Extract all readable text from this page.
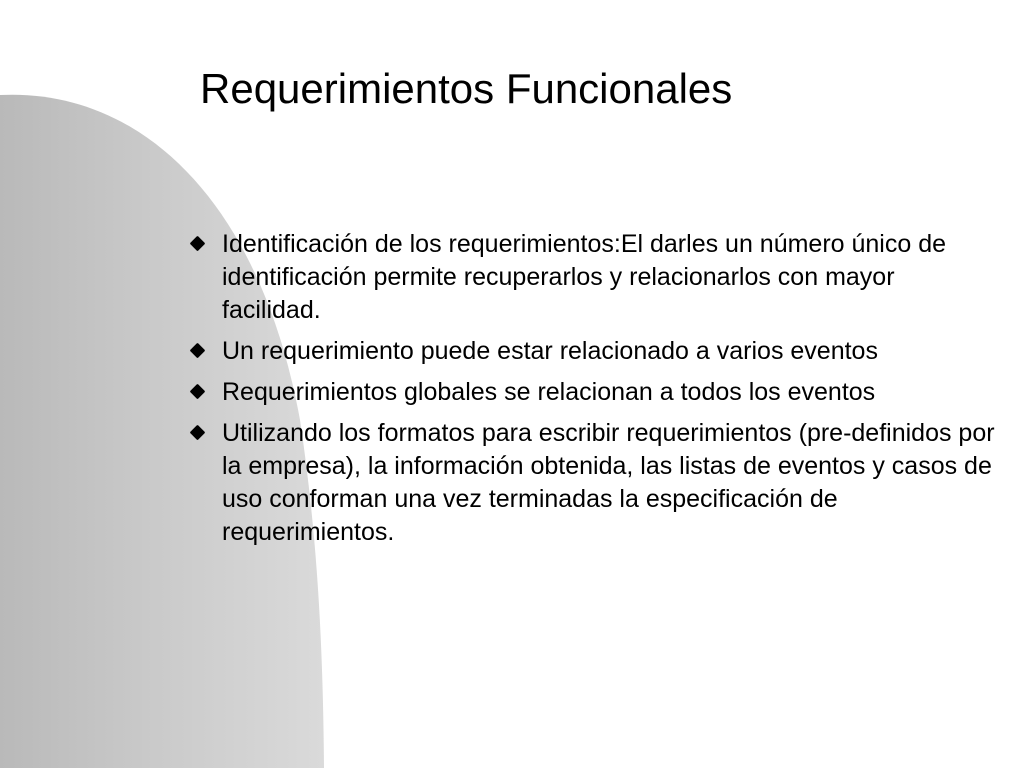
Requerimientos Funcionales
Identificación de los requerimientos:El darles un número único de identificación permite recuperarlos y relacionarlos con mayor facilidad.
Un requerimiento puede estar relacionado a varios eventos
Requerimientos globales se relacionan a todos los eventos
Utilizando los formatos para escribir requerimientos (pre-definidos por la empresa), la información obtenida, las listas de eventos y casos de uso conforman una vez terminadas la especificación de requerimientos.
